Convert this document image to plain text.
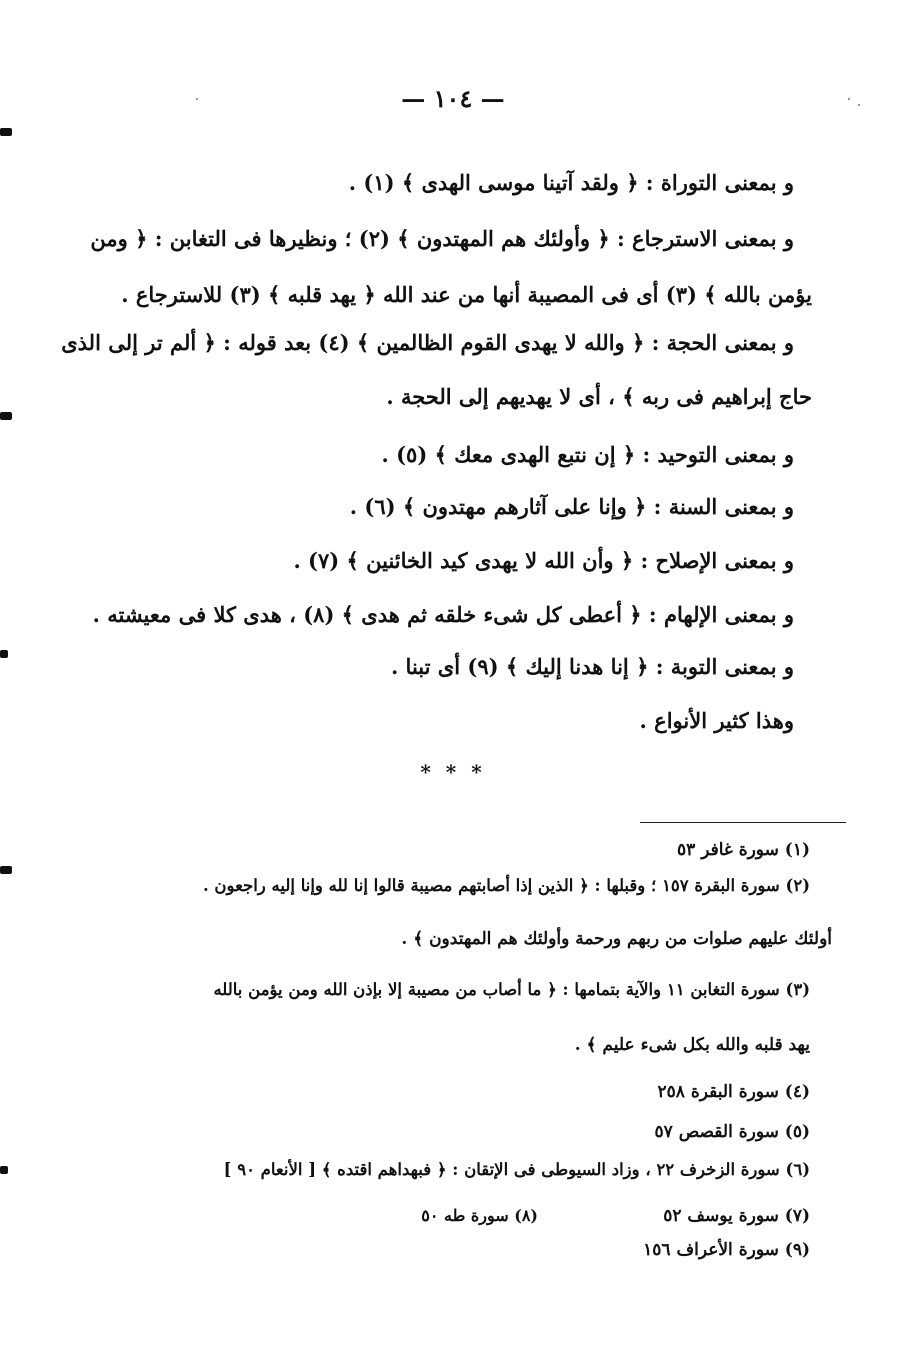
— ١٠٤ —
و بمعنى التوراة : ﴿ ولقد آتينا موسى الهدى ﴾ (١) .
و بمعنى الاسترجاع : ﴿ وأولئك هم المهتدون ﴾ (٢) ؛ ونظيرها فى التغابن : ﴿ ومن
يؤمن بالله ﴾ (٣) أى فى المصيبة أنها من عند الله ﴿ يهد قلبه ﴾ (٣) للاسترجاع .
و بمعنى الحجة : ﴿ والله لا يهدى القوم الظالمين ﴾ (٤) بعد قوله : ﴿ ألم تر إلى الذى
حاج إبراهيم فى ربه ﴾ ، أى لا يهديهم إلى الحجة .
و بمعنى التوحيد : ﴿ إن نتبع الهدى معك ﴾ (٥) .
و بمعنى السنة : ﴿ وإنا على آثارهم مهتدون ﴾ (٦) .
و بمعنى الإصلاح : ﴿ وأن الله لا يهدى كيد الخائنين ﴾ (٧) .
و بمعنى الإلهام : ﴿ أعطى كل شىء خلقه ثم هدى ﴾ (٨) ، هدى كلا فى معيشته .
و بمعنى التوبة : ﴿ إنا هدنا إليك ﴾ (٩) أى تبنا .
وهذا كثير الأنواع .
* * *
(١) سورة غافر ٥٣
(٢) سورة البقرة ١٥٧ ؛ وقبلها : ﴿ الذين إذا أصابتهم مصيبة قالوا إنا لله وإنا إليه راجعون .
أولئك عليهم صلوات من ربهم ورحمة وأولئك هم المهتدون ﴾ .
(٣) سورة التغابن ١١ والآية بتمامها : ﴿ ما أصاب من مصيبة إلا بإذن الله ومن يؤمن بالله
يهد قلبه والله بكل شىء عليم ﴾ .
(٤) سورة البقرة ٢٥٨
(٥) سورة القصص ٥٧
(٦) سورة الزخرف ٢٢ ، وزاد السيوطى فى الإتقان : ﴿ فبهداهم اقتده ﴾ [ الأنعام ٩٠ ]
(٧) سورة يوسف ٥٢
(٨) سورة طه ٥٠
(٩) سورة الأعراف ١٥٦
